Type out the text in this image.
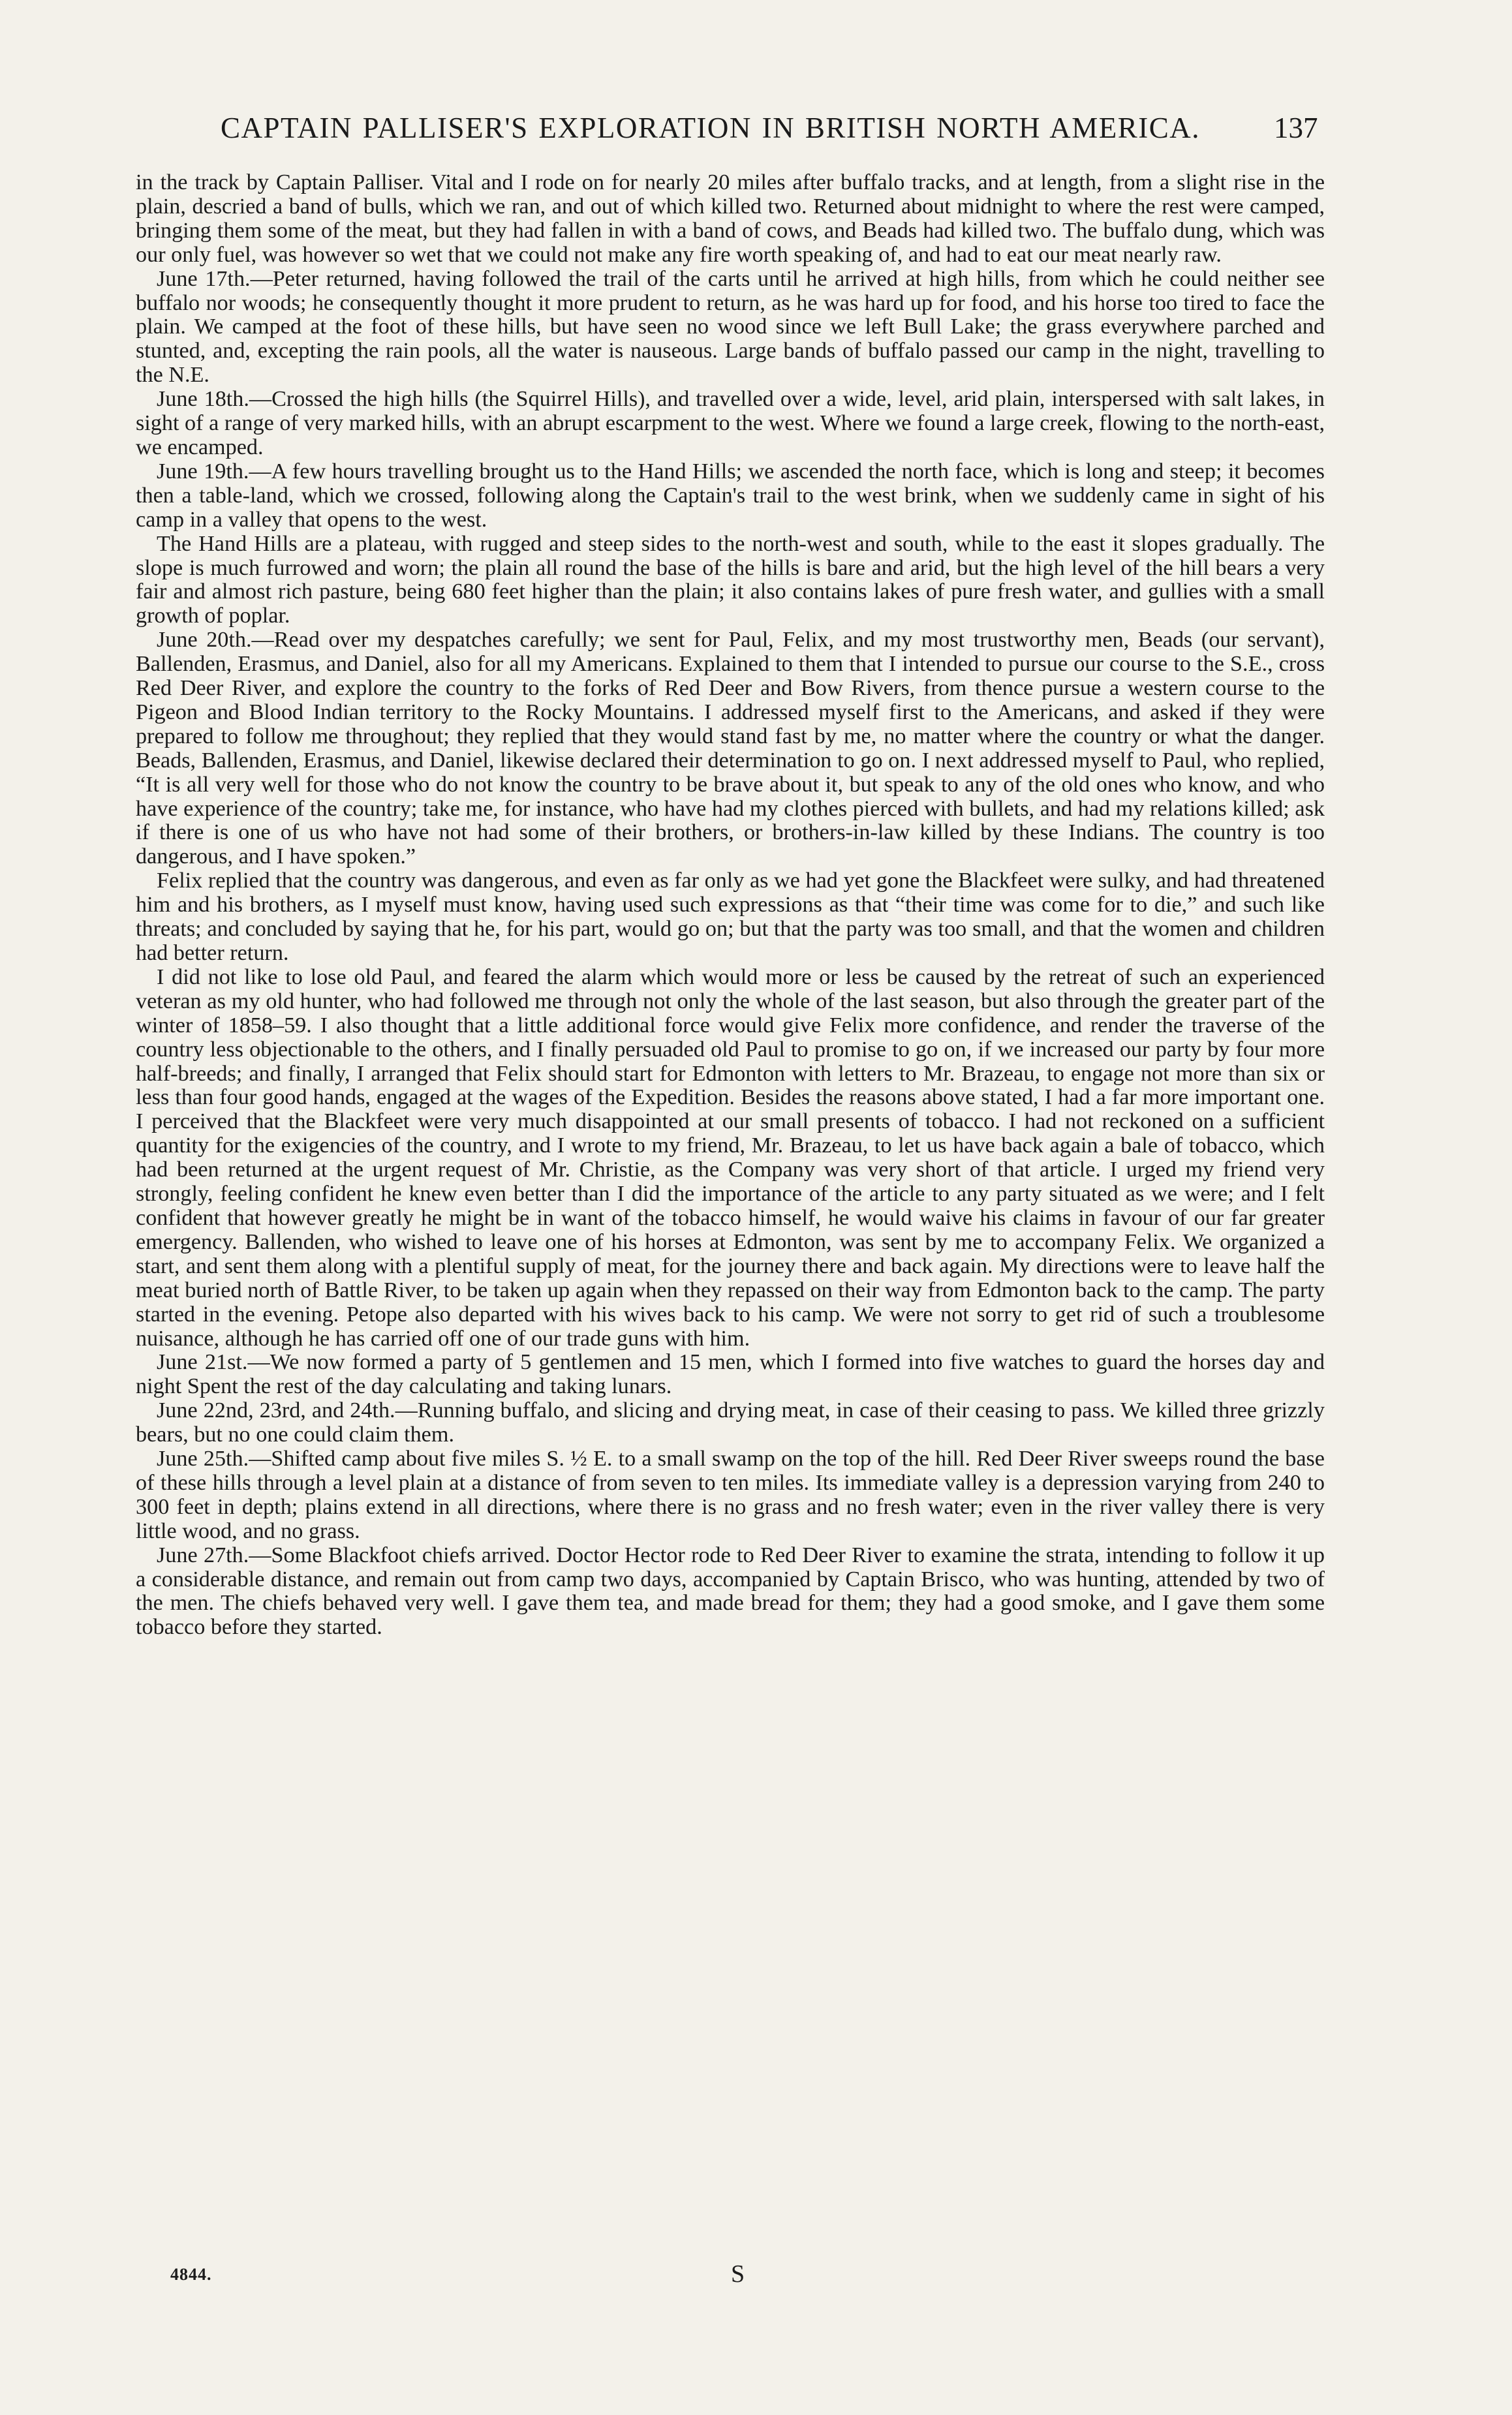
CAPTAIN PALLISER'S EXPLORATION IN BRITISH NORTH AMERICA.	137

in the track by Captain Palliser. Vital and I rode on for nearly 20 miles after buffalo tracks, and at length, from a slight rise in the plain, descried a band of bulls, which we ran, and out of which killed two. Returned about midnight to where the rest were camped, bringing them some of the meat, but they had fallen in with a band of cows, and Beads had killed two. The buffalo dung, which was our only fuel, was however so wet that we could not make any fire worth speaking of, and had to eat our meat nearly raw.

June 17th.—Peter returned, having followed the trail of the carts until he arrived at high hills, from which he could neither see buffalo nor woods; he consequently thought it more prudent to return, as he was hard up for food, and his horse too tired to face the plain. We camped at the foot of these hills, but have seen no wood since we left Bull Lake; the grass everywhere parched and stunted, and, excepting the rain pools, all the water is nauseous. Large bands of buffalo passed our camp in the night, travelling to the N.E.

June 18th.—Crossed the high hills (the Squirrel Hills), and travelled over a wide, level, arid plain, interspersed with salt lakes, in sight of a range of very marked hills, with an abrupt escarpment to the west. Where we found a large creek, flowing to the north-east, we encamped.

June 19th.—A few hours travelling brought us to the Hand Hills; we ascended the north face, which is long and steep; it becomes then a table-land, which we crossed, following along the Captain's trail to the west brink, when we suddenly came in sight of his camp in a valley that opens to the west.

The Hand Hills are a plateau, with rugged and steep sides to the north-west and south, while to the east it slopes gradually. The slope is much furrowed and worn; the plain all round the base of the hills is bare and arid, but the high level of the hill bears a very fair and almost rich pasture, being 680 feet higher than the plain; it also contains lakes of pure fresh water, and gullies with a small growth of poplar.

June 20th.—Read over my despatches carefully; we sent for Paul, Felix, and my most trustworthy men, Beads (our servant), Ballenden, Erasmus, and Daniel, also for all my Americans. Explained to them that I intended to pursue our course to the S.E., cross Red Deer River, and explore the country to the forks of Red Deer and Bow Rivers, from thence pursue a western course to the Pigeon and Blood Indian territory to the Rocky Mountains. I addressed myself first to the Americans, and asked if they were prepared to follow me throughout; they replied that they would stand fast by me, no matter where the country or what the danger. Beads, Ballenden, Erasmus, and Daniel, likewise declared their determination to go on. I next addressed myself to Paul, who replied, “It is all very well for those who do not know the country to be brave about it, but speak to any of the old ones who know, and who have experience of the country; take me, for instance, who have had my clothes pierced with bullets, and had my relations killed; ask if there is one of us who have not had some of their brothers, or brothers-in-law killed by these Indians. The country is too dangerous, and I have spoken.”

Felix replied that the country was dangerous, and even as far only as we had yet gone the Blackfeet were sulky, and had threatened him and his brothers, as I myself must know, having used such expressions as that “their time was come for to die,” and such like threats; and concluded by saying that he, for his part, would go on; but that the party was too small, and that the women and children had better return.

I did not like to lose old Paul, and feared the alarm which would more or less be caused by the retreat of such an experienced veteran as my old hunter, who had followed me through not only the whole of the last season, but also through the greater part of the winter of 1858–59. I also thought that a little additional force would give Felix more confidence, and render the traverse of the country less objectionable to the others, and I finally persuaded old Paul to promise to go on, if we increased our party by four more half-breeds; and finally, I arranged that Felix should start for Edmonton with letters to Mr. Brazeau, to engage not more than six or less than four good hands, engaged at the wages of the Expedition. Besides the reasons above stated, I had a far more important one. I perceived that the Blackfeet were very much disappointed at our small presents of tobacco. I had not reckoned on a sufficient quantity for the exigencies of the country, and I wrote to my friend, Mr. Brazeau, to let us have back again a bale of tobacco, which had been returned at the urgent request of Mr. Christie, as the Company was very short of that article. I urged my friend very strongly, feeling confident he knew even better than I did the importance of the article to any party situated as we were; and I felt confident that however greatly he might be in want of the tobacco himself, he would waive his claims in favour of our far greater emergency. Ballenden, who wished to leave one of his horses at Edmonton, was sent by me to accompany Felix. We organized a start, and sent them along with a plentiful supply of meat, for the journey there and back again. My directions were to leave half the meat buried north of Battle River, to be taken up again when they repassed on their way from Edmonton back to the camp. The party started in the evening. Petope also departed with his wives back to his camp. We were not sorry to get rid of such a troublesome nuisance, although he has carried off one of our trade guns with him.

June 21st.—We now formed a party of 5 gentlemen and 15 men, which I formed into five watches to guard the horses day and night Spent the rest of the day calculating and taking lunars.

June 22nd, 23rd, and 24th.—Running buffalo, and slicing and drying meat, in case of their ceasing to pass. We killed three grizzly bears, but no one could claim them.

June 25th.—Shifted camp about five miles S. ½ E. to a small swamp on the top of the hill. Red Deer River sweeps round the base of these hills through a level plain at a distance of from seven to ten miles. Its immediate valley is a depression varying from 240 to 300 feet in depth; plains extend in all directions, where there is no grass and no fresh water; even in the river valley there is very little wood, and no grass.

June 27th.—Some Blackfoot chiefs arrived. Doctor Hector rode to Red Deer River to examine the strata, intending to follow it up a considerable distance, and remain out from camp two days, accompanied by Captain Brisco, who was hunting, attended by two of the men. The chiefs behaved very well. I gave them tea, and made bread for them; they had a good smoke, and I gave them some tobacco before they started.

4844.	S
